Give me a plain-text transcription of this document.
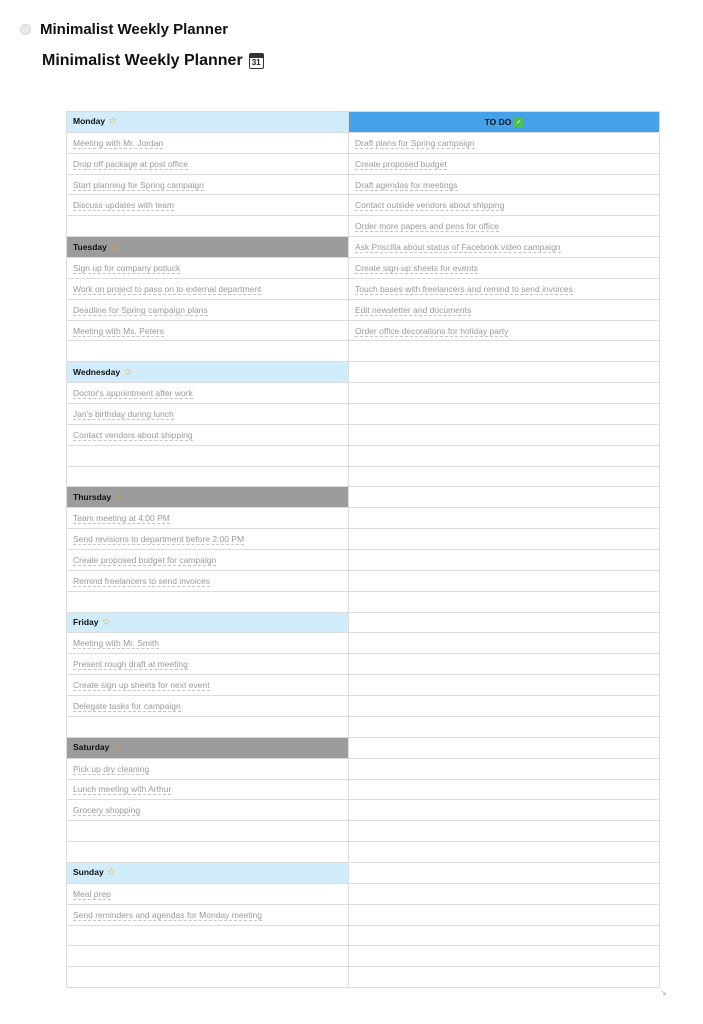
Minimalist Weekly Planner
Minimalist Weekly Planner 31
Monday ☆	TO DO ✓
Meeting with Mr. Jordan	Draft plans for Spring campaign
Drop off package at post office	Create proposed budget
Start planning for Spring campaign	Draft agendas for meetings
Discuss updates with team	Contact outside vendors about shipping
	Order more papers and pens for office
Tuesday ☆	Ask Priscilla about status of Facebook video campaign
Sign up for company potluck	Create sign-up sheets for events
Work on project to pass on to external department	Touch bases with freelancers and remind to send invoices
Deadline for Spring campaign plans	Edit newsletter and documents
Meeting with Ms. Peters	Order office decorations for holiday party

Wednesday ☆	
Doctor's appointment after work	
Jan's birthday during lunch	
Contact vendors about shipping	

Thursday ☆	
Team meeting at 4:00 PM	
Send revisions to department before 2:00 PM	
Create proposed budget for campaign	
Remind freelancers to send invoices	

Friday ☆	
Meeting with Mr. Smith	
Present rough draft at meeting	
Create sign up sheets for next event	
Delegate tasks for campaign	

Saturday ☆	
Pick up dry cleaning	
Lunch meeting with Arthur	
Grocery shopping	

Sunday ☆	
Meal prep	
Send reminders and agendas for Monday meeting	

↘
